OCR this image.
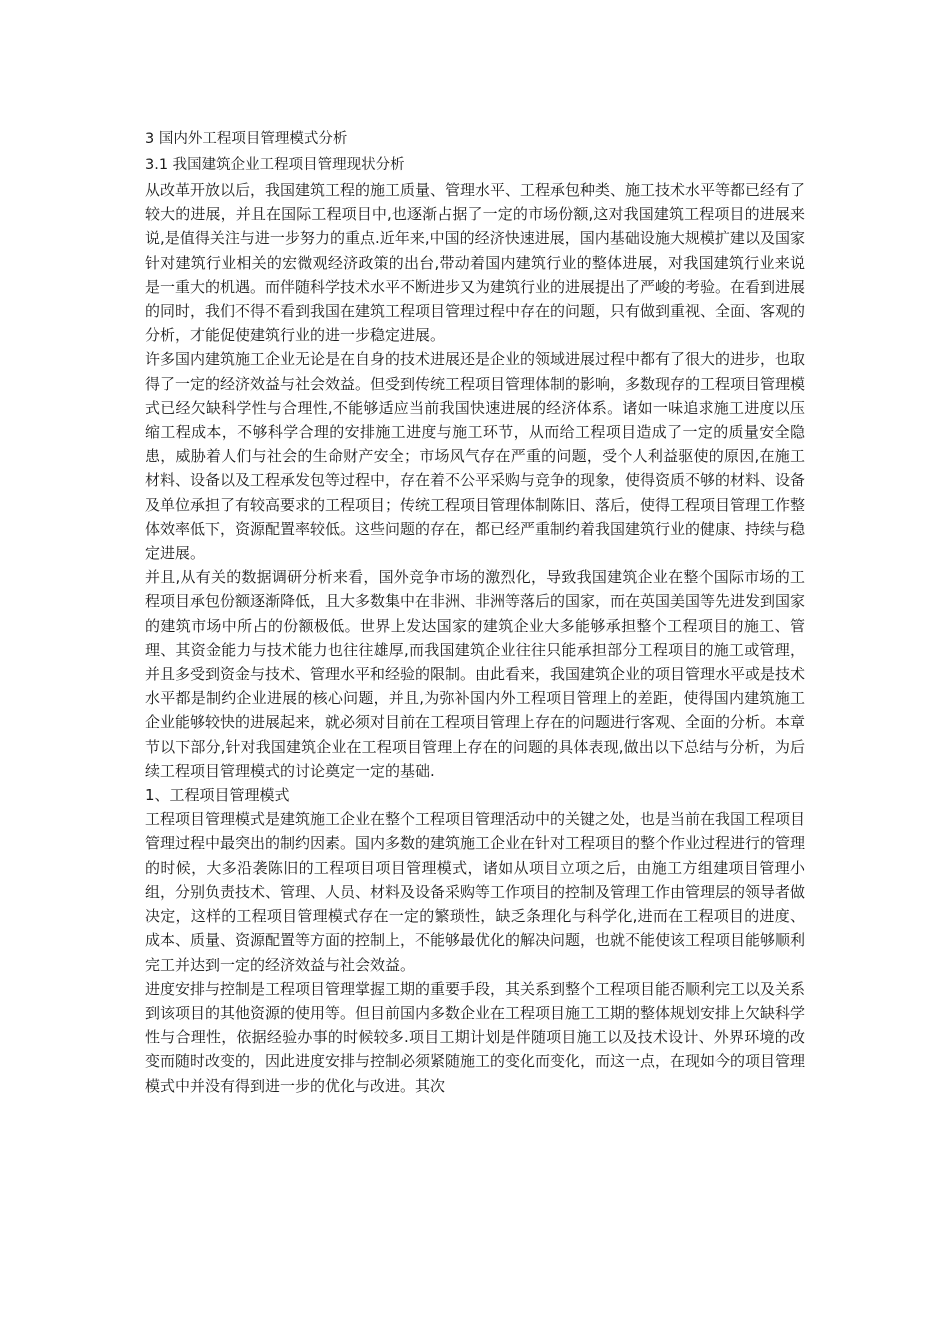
3 国内外工程项目管理模式分析

3.1 我国建筑企业工程项目管理现状分析

从改革开放以后，我国建筑工程的施工质量、管理水平、工程承包种类、施工技术水平等都已经有了较大的进展，并且在国际工程项目中,也逐渐占据了一定的市场份额,这对我国建筑工程项目的进展来说,是值得关注与进一步努力的重点.近年来,中国的经济快速进展，国内基础设施大规模扩建以及国家针对建筑行业相关的宏微观经济政策的出台,带动着国内建筑行业的整体进展，对我国建筑行业来说是一重大的机遇。而伴随科学技术水平不断进步又为建筑行业的进展提出了严峻的考验。在看到进展的同时，我们不得不看到我国在建筑工程项目管理过程中存在的问题，只有做到重视、全面、客观的分析，才能促使建筑行业的进一步稳定进展。

许多国内建筑施工企业无论是在自身的技术进展还是企业的领域进展过程中都有了很大的进步，也取得了一定的经济效益与社会效益。但受到传统工程项目管理体制的影响，多数现存的工程项目管理模式已经欠缺科学性与合理性,不能够适应当前我国快速进展的经济体系。诸如一味追求施工进度以压缩工程成本，不够科学合理的安排施工进度与施工环节，从而给工程项目造成了一定的质量安全隐患，威胁着人们与社会的生命财产安全；市场风气存在严重的问题，受个人利益驱使的原因,在施工材料、设备以及工程承发包等过程中，存在着不公平采购与竞争的现象，使得资质不够的材料、设备及单位承担了有较高要求的工程项目；传统工程项目管理体制陈旧、落后，使得工程项目管理工作整体效率低下，资源配置率较低。这些问题的存在，都已经严重制约着我国建筑行业的健康、持续与稳定进展。

并且,从有关的数据调研分析来看，国外竞争市场的激烈化，导致我国建筑企业在整个国际市场的工程项目承包份额逐渐降低，且大多数集中在非洲、非洲等落后的国家，而在英国美国等先进发到国家的建筑市场中所占的份额极低。世界上发达国家的建筑企业大多能够承担整个工程项目的施工、管理、其资金能力与技术能力也往往雄厚,而我国建筑企业往往只能承担部分工程项目的施工或管理，并且多受到资金与技术、管理水平和经验的限制。由此看来，我国建筑企业的项目管理水平或是技术水平都是制约企业进展的核心问题，并且,为弥补国内外工程项目管理上的差距，使得国内建筑施工企业能够较快的进展起来，就必须对目前在工程项目管理上存在的问题进行客观、全面的分析。本章节以下部分,针对我国建筑企业在工程项目管理上存在的问题的具体表现,做出以下总结与分析，为后续工程项目管理模式的讨论奠定一定的基础.

1、工程项目管理模式

工程项目管理模式是建筑施工企业在整个工程项目管理活动中的关键之处，也是当前在我国工程项目管理过程中最突出的制约因素。国内多数的建筑施工企业在针对工程项目的整个作业过程进行的管理的时候，大多沿袭陈旧的工程项目项目管理模式，诸如从项目立项之后，由施工方组建项目管理小组，分别负责技术、管理、人员、材料及设备采购等工作项目的控制及管理工作由管理层的领导者做决定，这样的工程项目管理模式存在一定的繁琐性，缺乏条理化与科学化,进而在工程项目的进度、成本、质量、资源配置等方面的控制上，不能够最优化的解决问题，也就不能使该工程项目能够顺利完工并达到一定的经济效益与社会效益。

进度安排与控制是工程项目管理掌握工期的重要手段，其关系到整个工程项目能否顺利完工以及关系到该项目的其他资源的使用等。但目前国内多数企业在工程项目施工工期的整体规划安排上欠缺科学性与合理性，依据经验办事的时候较多.项目工期计划是伴随项目施工以及技术设计、外界环境的改变而随时改变的，因此进度安排与控制必须紧随施工的变化而变化，而这一点，在现如今的项目管理模式中并没有得到进一步的优化与改进。其次
